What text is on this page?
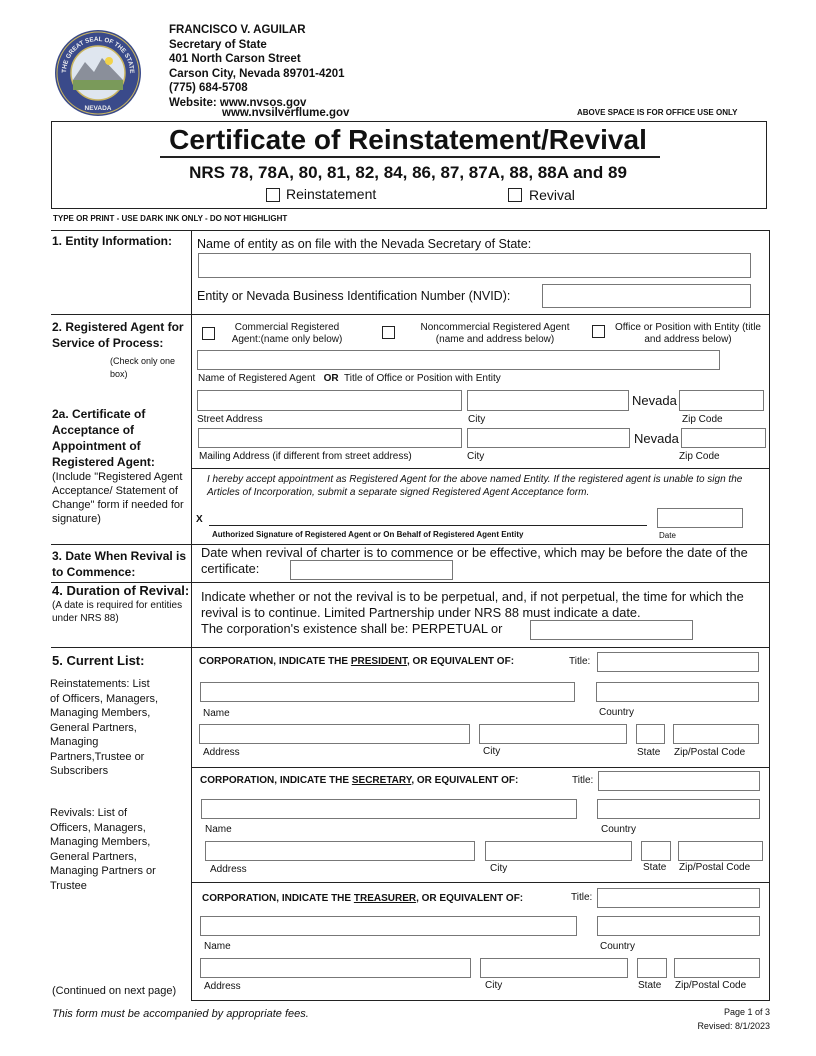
THE GREAT SEAL OF THE STATE
NEVADA
FRANCISCO V. AGUILAR
Secretary of State
401 North Carson Street
Carson City, Nevada 89701-4201
(775) 684-5708
Website: www.nvsos.gov
www.nvsilverflume.gov	ABOVE SPACE IS FOR OFFICE USE ONLY
Certificate of Reinstatement/Revival
NRS 78, 78A, 80, 81, 82, 84, 86, 87, 87A, 88, 88A and 89
Reinstatement	Revival
TYPE OR PRINT - USE DARK INK ONLY - DO NOT HIGHLIGHT
1. Entity Information: Name of entity as on file with the Nevada Secretary of State:
Entity or Nevada Business Identification Number (NVID):
2. Registered Agent for Service of Process:
(Check only one box)
Commercial Registered Agent:(name only below)
Noncommercial Registered Agent (name and address below)
Office or Position with Entity (title and address below)
Name of Registered Agent OR Title of Office or Position with Entity
Nevada
Street Address	City	Zip Code
Nevada
Mailing Address (if different from street address)	City	Zip Code
2a. Certificate of Acceptance of Appointment of Registered Agent:
(Include "Registered Agent Acceptance/ Statement of Change" form if needed for signature)
I hereby accept appointment as Registered Agent for the above named Entity. If the registered agent is unable to sign the Articles of Incorporation, submit a separate signed Registered Agent Acceptance form.
X
Authorized Signature of Registered Agent or On Behalf of Registered Agent Entity	Date
3. Date When Revival is to Commence:
Date when revival of charter is to commence or be effective, which may be before the date of the certificate:
4. Duration of Revival:
(A date is required for entities under NRS 88)
Indicate whether or not the revival is to be perpetual, and, if not perpetual, the time for which the revival is to continue. Limited Partnership under NRS 88 must indicate a date.
The corporation's existence shall be: PERPETUAL or
5. Current List:
Reinstatements: List of Officers, Managers, Managing Members, General Partners, Managing Partners,Trustee or Subscribers
Revivals: List of Officers, Managers, Managing Members, General Partners, Managing Partners or Trustee
(Continued on next page)
CORPORATION, INDICATE THE PRESIDENT, OR EQUIVALENT OF:	Title:
Name	Country
Address	City	State Zip/Postal Code
CORPORATION, INDICATE THE SECRETARY, OR EQUIVALENT OF:	Title:
Name	Country
Address	City	State Zip/Postal Code
CORPORATION, INDICATE THE TREASURER, OR EQUIVALENT OF:	Title:
Name	Country
Address	City	State Zip/Postal Code
This form must be accompanied by appropriate fees.	Page 1 of 3
Revised: 8/1/2023
